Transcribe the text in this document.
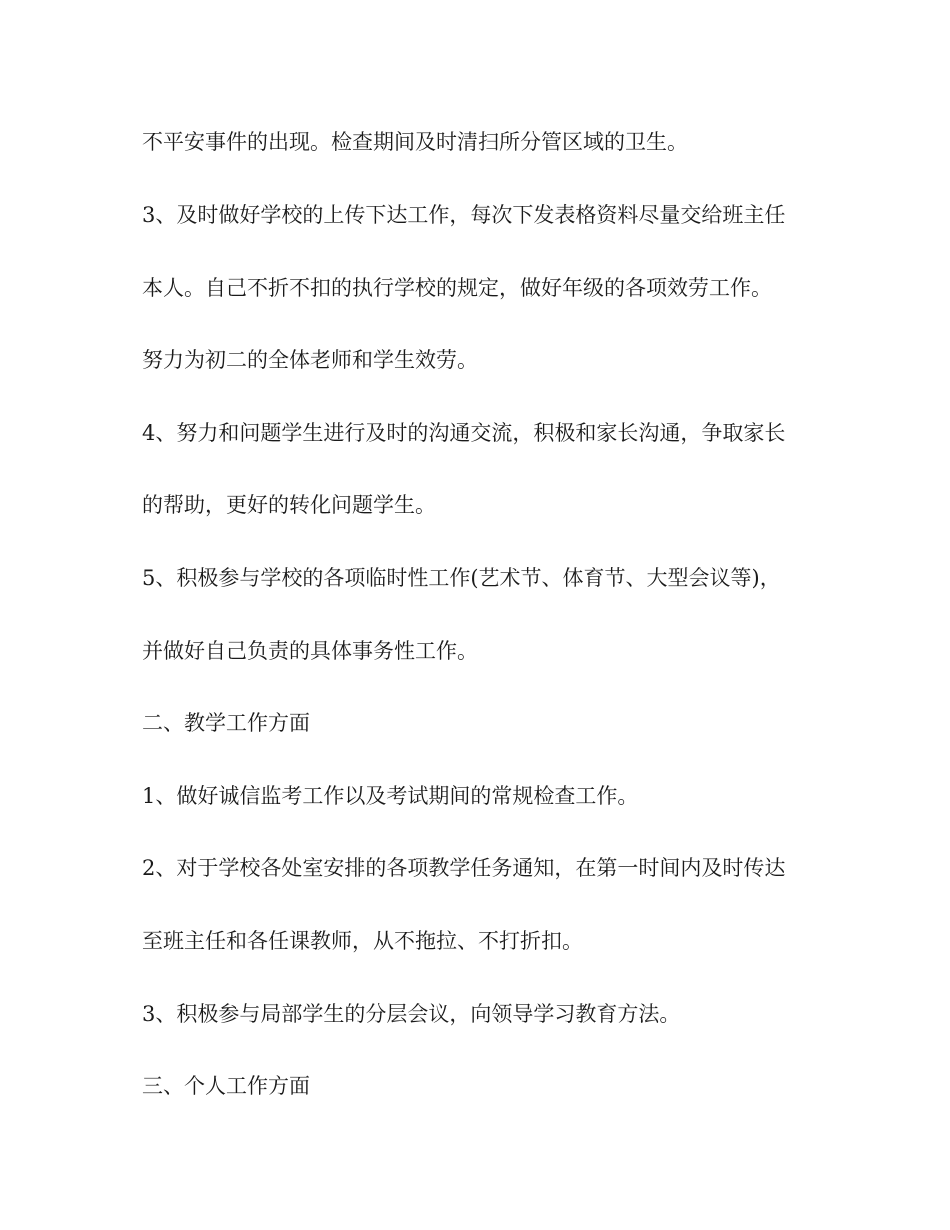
不平安事件的出现。检查期间及时清扫所分管区域的卫生。

3、及时做好学校的上传下达工作，每次下发表格资料尽量交给班主任

本人。自己不折不扣的执行学校的规定，做好年级的各项效劳工作。

努力为初二的全体老师和学生效劳。

4、努力和问题学生进行及时的沟通交流，积极和家长沟通，争取家长

的帮助，更好的转化问题学生。

5、积极参与学校的各项临时性工作(艺术节、体育节、大型会议等)，

并做好自己负责的具体事务性工作。

二、教学工作方面

1、做好诚信监考工作以及考试期间的常规检查工作。

2、对于学校各处室安排的各项教学任务通知，在第一时间内及时传达

至班主任和各任课教师，从不拖拉、不打折扣。

3、积极参与局部学生的分层会议，向领导学习教育方法。

三、个人工作方面
